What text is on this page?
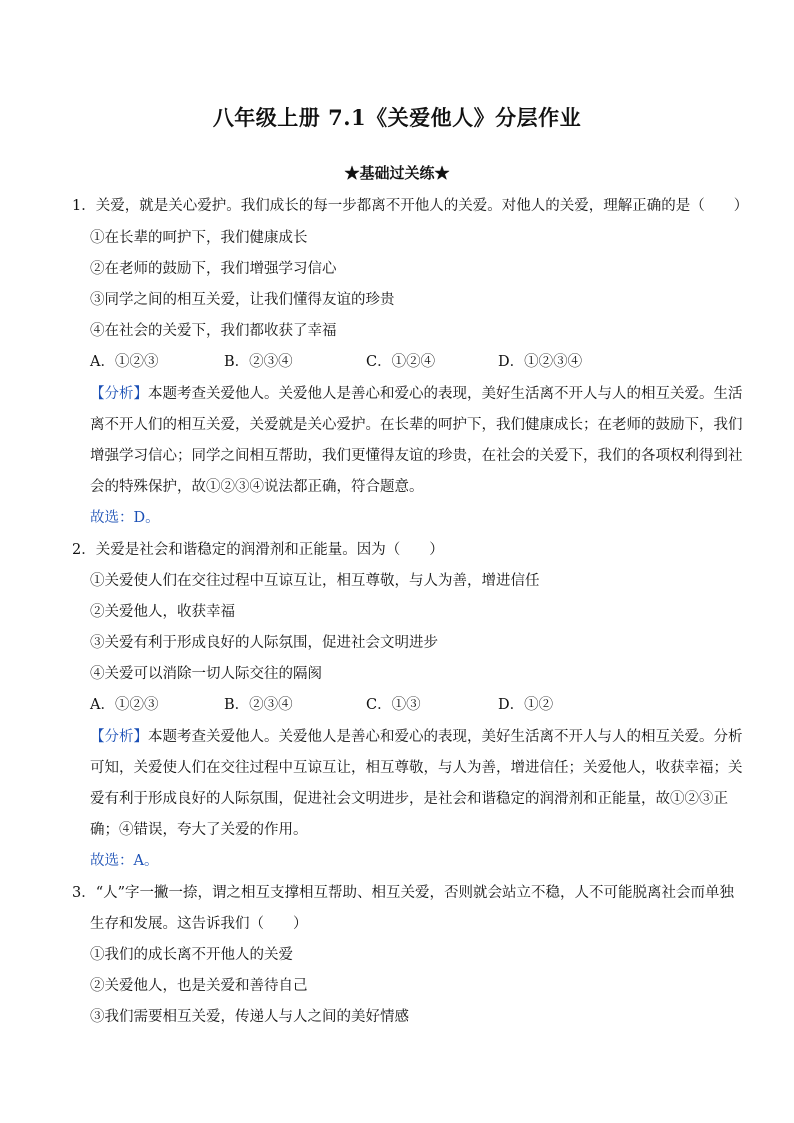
八年级上册 7.1《关爱他人》分层作业
★基础过关练★
1．关爱，就是关心爱护。我们成长的每一步都离不开他人的关爱。对他人的关爱，理解正确的是（　　）
①在长辈的呵护下，我们健康成长
②在老师的鼓励下，我们增强学习信心
③同学之间的相互关爱，让我们懂得友谊的珍贵
④在社会的关爱下，我们都收获了幸福
A．①②③	B．②③④	C．①②④	D．①②③④
【分析】本题考查关爱他人。关爱他人是善心和爱心的表现，美好生活离不开人与人的相互关爱。生活
离不开人们的相互关爱，关爱就是关心爱护。在长辈的呵护下，我们健康成长；在老师的鼓励下，我们
增强学习信心；同学之间相互帮助，我们更懂得友谊的珍贵，在社会的关爱下，我们的各项权利得到社
会的特殊保护，故①②③④说法都正确，符合题意。
故选：D。
2．关爱是社会和谐稳定的润滑剂和正能量。因为（　　）
①关爱使人们在交往过程中互谅互让，相互尊敬，与人为善，增进信任
②关爱他人，收获幸福
③关爱有利于形成良好的人际氛围，促进社会文明进步
④关爱可以消除一切人际交往的隔阂
A．①②③	B．②③④	C．①③	D．①②
【分析】本题考查关爱他人。关爱他人是善心和爱心的表现，美好生活离不开人与人的相互关爱。分析
可知，关爱使人们在交往过程中互谅互让，相互尊敬，与人为善，增进信任；关爱他人，收获幸福；关
爱有利于形成良好的人际氛围，促进社会文明进步，是社会和谐稳定的润滑剂和正能量，故①②③正
确；④错误，夸大了关爱的作用。
故选：A。
3．“人”字一撇一捺，谓之相互支撑相互帮助、相互关爱，否则就会站立不稳，人不可能脱离社会而单独
生存和发展。这告诉我们（　　）
①我们的成长离不开他人的关爱
②关爱他人，也是关爱和善待自己
③我们需要相互关爱，传递人与人之间的美好情感
